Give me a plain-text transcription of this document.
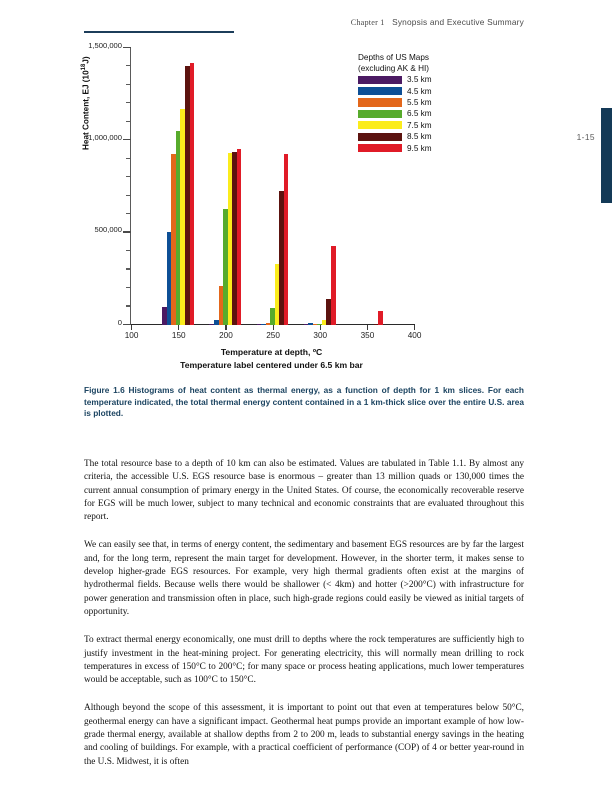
Chapter 1 Synopsis and Executive Summary
1-15
Heat Content, EJ $(10^{18}J)$
0
500,000
1,000,000
1,500,000
100	150	200	250	300	350	400
Temperature at depth, ºC
Temperature label centered under 6.5 km bar
Depths of US Maps
(excluding AK & HI)
3.5 km
4.5 km
5.5 km
6.5 km
7.5 km
8.5 km
9.5 km
Figure 1.6 Histograms of heat content as thermal energy, as a function of depth for 1 km slices. For each temperature indicated, the total thermal energy content contained in a 1 km-thick slice over the entire U.S. area is plotted.

The total resource base to a depth of 10 km can also be estimated. Values are tabulated in Table 1.1. By almost any criteria, the accessible U.S. EGS resource base is enormous – greater than 13 million quads or 130,000 times the current annual consumption of primary energy in the United States. Of course, the economically recoverable reserve for EGS will be much lower, subject to many technical and economic constraints that are evaluated throughout this report.

We can easily see that, in terms of energy content, the sedimentary and basement EGS resources are by far the largest and, for the long term, represent the main target for development. However, in the shorter term, it makes sense to develop higher-grade EGS resources. For example, very high thermal gradients often exist at the margins of hydrothermal fields. Because wells there would be shallower (< 4km) and hotter (>200°C) with infrastructure for power generation and transmission often in place, such high-grade regions could easily be viewed as initial targets of opportunity.

To extract thermal energy economically, one must drill to depths where the rock temperatures are sufficiently high to justify investment in the heat-mining project. For generating electricity, this will normally mean drilling to rock temperatures in excess of 150°C to 200°C; for many space or process heating applications, much lower temperatures would be acceptable, such as 100°C to 150°C.

Although beyond the scope of this assessment, it is important to point out that even at temperatures below 50°C, geothermal energy can have a significant impact. Geothermal heat pumps provide an important example of how low-grade thermal energy, available at shallow depths from 2 to 200 m, leads to substantial energy savings in the heating and cooling of buildings. For example, with a practical coefficient of performance (COP) of 4 or better year-round in the U.S. Midwest, it is often
